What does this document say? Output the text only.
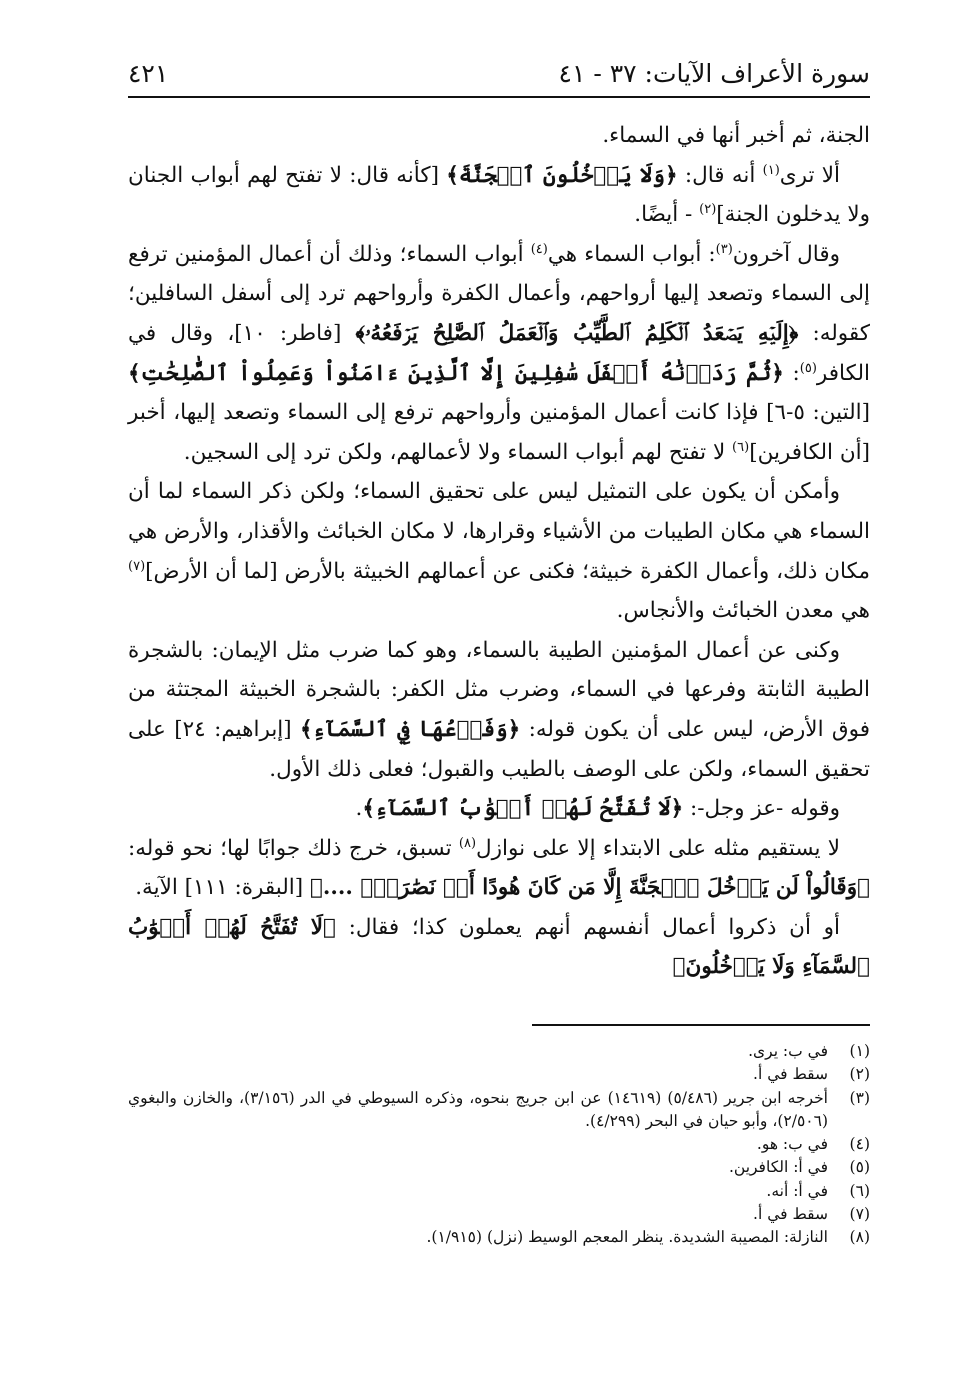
سورة الأعراف الآيات: ٣٧ - ٤١
٤٢١

الجنة، ثم أخبر أنها في السماء.

ألا ترى$^{(١)}$ أنه قال: ﴿وَلَا يَدۡخُلُونَ ٱلۡجَنَّةَ﴾ [كأنه قال: لا تفتح لهم أبواب الجنان ولا يدخلون الجنة]$^{(٢)}$ - أيضًا.

وقال آخرون$^{(٣)}$: أبواب السماء هي$^{(٤)}$ أبواب السماء؛ وذلك أن أعمال المؤمنين ترفع إلى السماء وتصعد إليها أرواحهم، وأعمال الكفرة وأرواحهم ترد إلى أسفل السافلين؛ كقوله: ﴿إِلَيۡهِ يَصۡعَدُ ٱلۡكَلِمُ ٱلطَّيِّبُ وَٱلۡعَمَلُ ٱلصَّٰلِحُ يَرۡفَعُهُۥ﴾ [فاطر: ١٠]، وقال في الكافر$^{(٥)}$: ﴿ثُمَّ رَدَدۡنَٰهُ أَسۡفَلَ سَٰفِلِينَ إِلَّا ٱلَّذِينَ ءَامَنُواْ وَعَمِلُواْ ٱلصَّٰلِحَٰتِ﴾ [التين: ٥-٦] فإذا كانت أعمال المؤمنين وأرواحهم ترفع إلى السماء وتصعد إليها، أخبر [أن الكافرين]$^{(٦)}$ لا تفتح لهم أبواب السماء ولا لأعمالهم، ولكن ترد إلى السجين.

وأمكن أن يكون على التمثيل ليس على تحقيق السماء؛ ولكن ذكر السماء لما أن السماء هي مكان الطيبات من الأشياء وقرارها، لا مكان الخبائث والأقذار، والأرض هي مكان ذلك، وأعمال الكفرة خبيثة؛ فكنى عن أعمالهم الخبيثة بالأرض [لما أن الأرض]$^{(٧)}$ هي معدن الخبائث والأنجاس.

وكنى عن أعمال المؤمنين الطيبة بالسماء، وهو كما ضرب مثل الإيمان: بالشجرة الطيبة الثابتة وفرعها في السماء، وضرب مثل الكفر: بالشجرة الخبيثة المجتثة من فوق الأرض، ليس على أن يكون قوله: ﴿وَفَرۡعُهَا فِي ٱلسَّمَآءِ﴾ [إبراهيم: ٢٤] على تحقيق السماء، ولكن على الوصف بالطيب والقبول؛ فعلى ذلك الأول.

وقوله -عز وجل-: ﴿لَا تُفَتَّحُ لَهُمۡ أَبۡوَٰبُ ٱلسَّمَآءِ﴾.

لا يستقيم مثله على الابتداء إلا على نوازل$^{(٨)}$ تسبق، خرج ذلك جوابًا لها؛ نحو قوله: ﴿وَقَالُواْ لَن يَدۡخُلَ ٱلۡجَنَّةَ إِلَّا مَن كَانَ هُودًا أَوۡ نَصَٰرَىٰۗ ....﴾ [البقرة: ١١١] الآية.

أو أن ذكروا أعمال أنفسهم أنهم يعملون كذا؛ فقال: ﴿لَا تُفَتَّحُ لَهُمۡ أَبۡوَٰبُ ٱلسَّمَآءِ وَلَا يَدۡخُلُونَ﴾

(١)
في ب: يرى.
(٢)
سقط في أ.
(٣)
أخرجه ابن جرير (٥/٤٨٦) (١٤٦١٩) عن ابن جريج بنحوه، وذكره السيوطي في الدر (٣/١٥٦)، والخازن والبغوي (٢/٥٠٦)، وأبو حيان في البحر (٤/٢٩٩).
(٤)
في ب: هو.
(٥)
في أ: الكافرين.
(٦)
في أ: أنه.
(٧)
سقط في أ.
(٨)
النازلة: المصيبة الشديدة. ينظر المعجم الوسيط (نزل) (١/٩١٥).
